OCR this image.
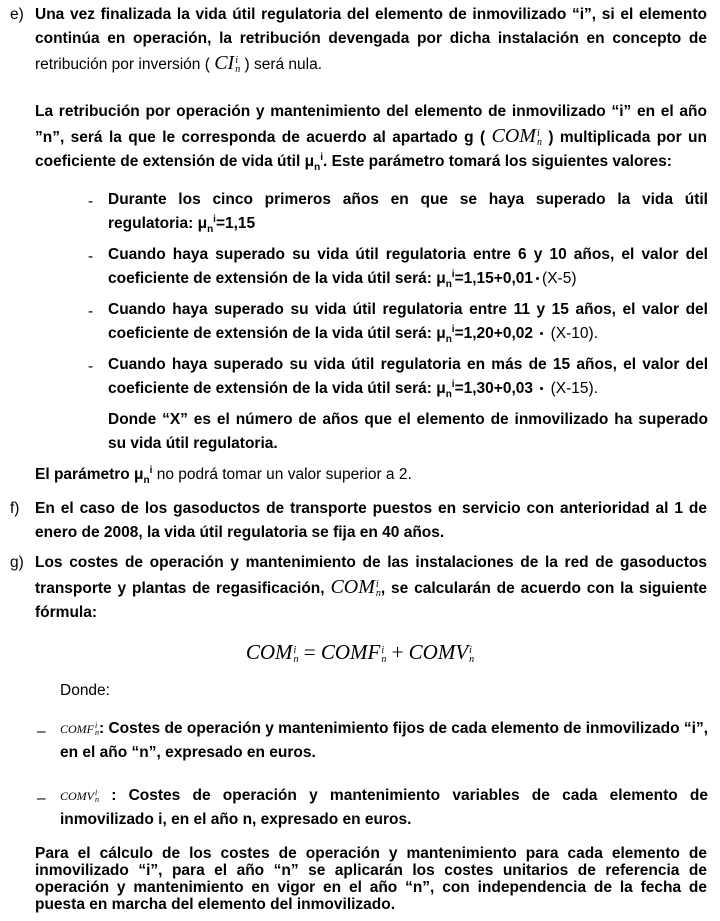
e) Una vez finalizada la vida útil regulatoria del elemento de inmovilizado “i”, si el elemento continúa en operación, la retribución devengada por dicha instalación en concepto de retribución por inversión ( CI i
n ) será nula.
La retribución por operación y mantenimiento del elemento de inmovilizado “i” en el año ”n”, será la que le corresponda de acuerdo al apartado g ( COM i
n ) multiplicada por un coeficiente de extensión de vida útil $\mu_n^i$. Este parámetro tomará los siguientes valores:
- Durante los cinco primeros años en que se haya superado la vida útil regulatoria: $\mu_n^i=1,15$
- Cuando haya superado su vida útil regulatoria entre 6 y 10 años, el valor del coeficiente de extensión de la vida útil será: $\mu_n^i=1,15+0,01$ (X-5)
- Cuando haya superado su vida útil regulatoria entre 11 y 15 años, el valor del coeficiente de extensión de la vida útil será: $\mu_n^i=1,20+0,02$  (X-10).
- Cuando haya superado su vida útil regulatoria en más de 15 años, el valor del coeficiente de extensión de la vida útil será: $\mu_n^i=1,30+0,03$  (X-15).
Donde “X” es el número de años que el elemento de inmovilizado ha superado su vida útil regulatoria.
El parámetro $\mu_n^i$ no podrá tomar un valor superior a 2.
f) En el caso de los gasoductos de transporte puestos en servicio con anterioridad al 1 de enero de 2008, la vida útil regulatoria se fija en 40 años.
g) Los costes de operación y mantenimiento de las instalaciones de la red de gasoductos transporte y plantas de regasificación, COM i
n , se calcularán de acuerdo con la siguiente fórmula:
COM i
n = COMF i
n + COMV i
n
Donde:
– COMF i
n : Costes de operación y mantenimiento fijos de cada elemento de inmovilizado “i”, en el año “n”, expresado en euros.
– COMV i
n : Costes de operación y mantenimiento variables de cada elemento de inmovilizado i, en el año n, expresado en euros.
Para el cálculo de los costes de operación y mantenimiento para cada elemento de inmovilizado “i”, para el año “n” se aplicarán los costes unitarios de referencia de operación y mantenimiento en vigor en el año “n”, con independencia de la fecha de puesta en marcha del elemento del inmovilizado.
